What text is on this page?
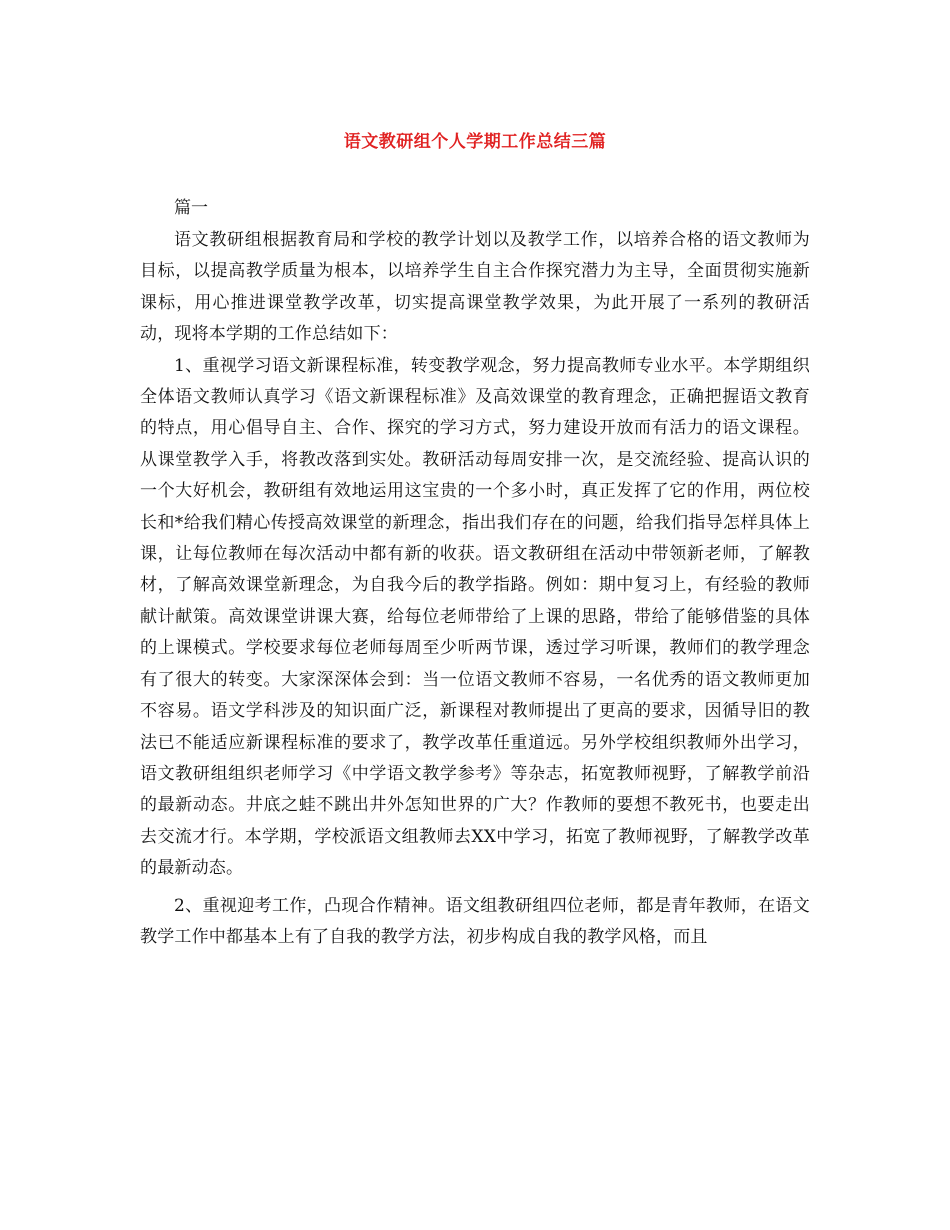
语文教研组个人学期工作总结三篇

篇一

语文教研组根据教育局和学校的教学计划以及教学工作，以培养合格的语文教师为目标，以提高教学质量为根本，以培养学生自主合作探究潜力为主导，全面贯彻实施新课标，用心推进课堂教学改革，切实提高课堂教学效果，为此开展了一系列的教研活动，现将本学期的工作总结如下：

1、重视学习语文新课程标准，转变教学观念，努力提高教师专业水平。本学期组织全体语文教师认真学习《语文新课程标准》及高效课堂的教育理念，正确把握语文教育的特点，用心倡导自主、合作、探究的学习方式，努力建设开放而有活力的语文课程。从课堂教学入手，将教改落到实处。教研活动每周安排一次，是交流经验、提高认识的一个大好机会，教研组有效地运用这宝贵的一个多小时，真正发挥了它的作用，两位校长和*给我们精心传授高效课堂的新理念，指出我们存在的问题，给我们指导怎样具体上课，让每位教师在每次活动中都有新的收获。语文教研组在活动中带领新老师，了解教材，了解高效课堂新理念，为自我今后的教学指路。例如：期中复习上，有经验的教师献计献策。高效课堂讲课大赛，给每位老师带给了上课的思路，带给了能够借鉴的具体的上课模式。学校要求每位老师每周至少听两节课，透过学习听课，教师们的教学理念有了很大的转变。大家深深体会到：当一位语文教师不容易，一名优秀的语文教师更加不容易。语文学科涉及的知识面广泛，新课程对教师提出了更高的要求，因循导旧的教法已不能适应新课程标准的要求了，教学改革任重道远。另外学校组织教师外出学习，语文教研组组织老师学习《中学语文教学参考》等杂志，拓宽教师视野，了解教学前沿的最新动态。井底之蛙不跳出井外怎知世界的广大？作教师的要想不教死书，也要走出去交流才行。本学期，学校派语文组教师去XX中学习，拓宽了教师视野，了解教学改革的最新动态。

2、重视迎考工作，凸现合作精神。语文组教研组四位老师，都是青年教师，在语文教学工作中都基本上有了自我的教学方法，初步构成自我的教学风格，而且
